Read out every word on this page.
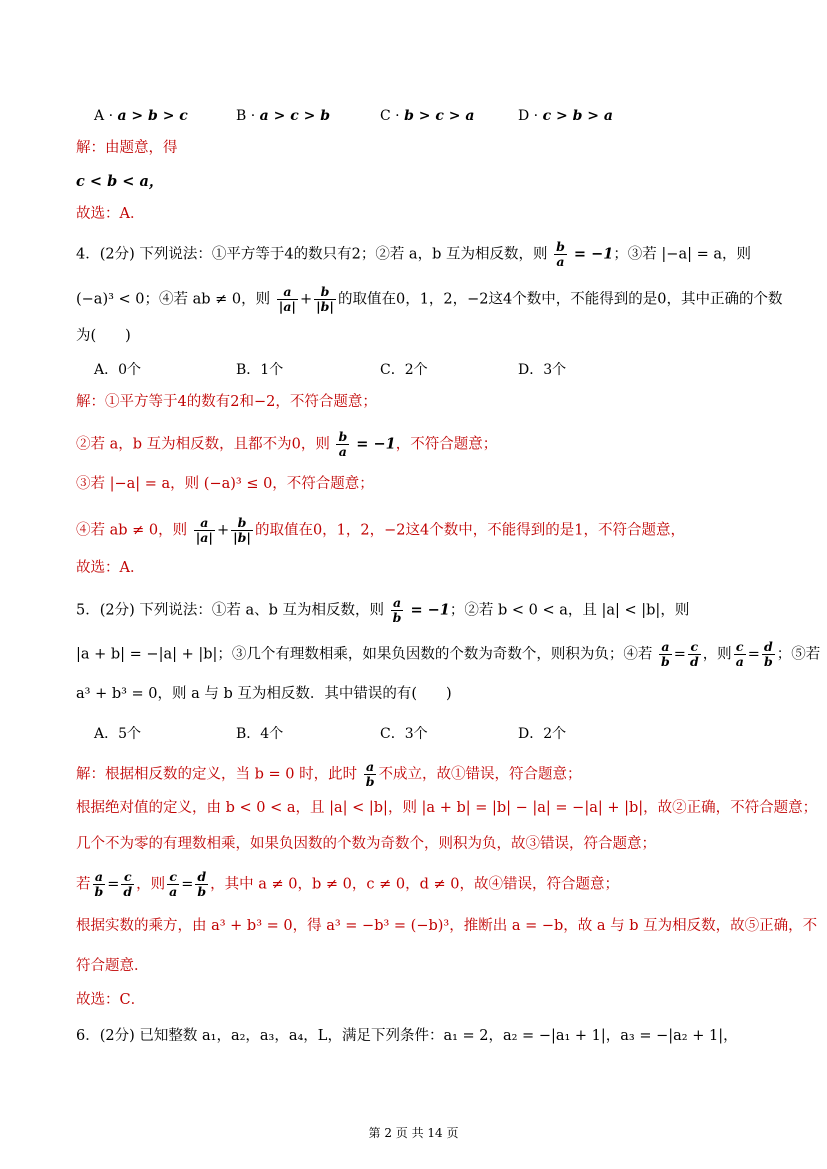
A · a > b > c	B · a > c > b	C · b > c > a	D · c > b > a
解：由题意，得
c < b < a，
故选：A．
4．(2分) 下列说法：①平方等于4的数只有2；②若 a，b 互为相反数，则 $\frac{b}{a} = -1$；③若 |−a| = a，则
(−a)³ < 0；④若 ab ≠ 0，则 $\frac{a}{|a|} + \frac{b}{|b|}$ 的取值在0，1，2，−2这4个数中，不能得到的是0，其中正确的个数
为(　　)
A．0个	B．1个	C．2个	D．3个
解：①平方等于4的数有2和−2，不符合题意；
②若 a，b 互为相反数，且都不为0，则 $\frac{b}{a} = -1$，不符合题意；
③若 |−a| = a，则 (−a)³ ≤ 0，不符合题意；
④若 ab ≠ 0，则 $\frac{a}{|a|} + \frac{b}{|b|}$ 的取值在0，1，2，−2这4个数中，不能得到的是1，不符合题意，
故选：A．
5．(2分) 下列说法：①若 a、b 互为相反数，则 $\frac{a}{b} = -1$；②若 b < 0 < a，且 |a| < |b|，则
|a + b| = −|a| + |b|；③几个有理数相乘，如果负因数的个数为奇数个，则积为负；④若 $\frac{a}{b} = \frac{c}{d}$ ，则 $\frac{c}{a} = \frac{d}{b}$ ；⑤若
a³ + b³ = 0，则 a 与 b 互为相反数．其中错误的有(　　)
A．5个	B．4个	C．3个	D．2个
解：根据相反数的定义，当 b = 0 时，此时 $\frac{a}{b}$ 不成立，故①错误，符合题意；
根据绝对值的定义，由 b < 0 < a，且 |a| < |b|，则 |a + b| = |b| − |a| = −|a| + |b|，故②正确，不符合题意；
几个不为零的有理数相乘，如果负因数的个数为奇数个，则积为负，故③错误，符合题意；
若 $\frac{a}{b} = \frac{c}{d}$ ，则 $\frac{c}{a} = \frac{d}{b}$ ，其中 a ≠ 0，b ≠ 0，c ≠ 0，d ≠ 0，故④错误，符合题意；
根据实数的乘方，由 a³ + b³ = 0，得 a³ = −b³ = (−b)³，推断出 a = −b，故 a 与 b 互为相反数，故⑤正确，不
符合题意．
故选：C．
6．(2分) 已知整数 a₁，a₂，a₃，a₄，L，满足下列条件：a₁ = 2，a₂ = −|a₁ + 1|，a₃ = −|a₂ + 1|，
第 2 页 共 14 页
